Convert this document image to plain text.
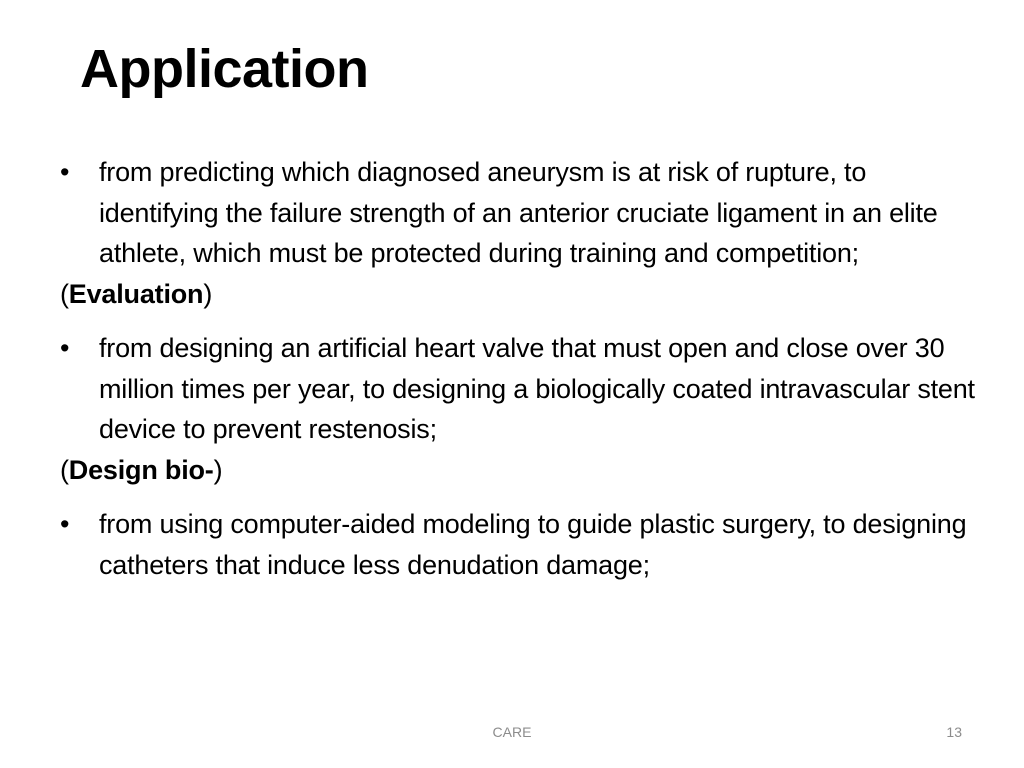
Application
• from predicting which diagnosed aneurysm is at risk of rupture, to identifying the failure strength of an anterior cruciate ligament in an elite athlete, which must be protected during training and competition;
(Evaluation)
• from designing an artificial heart valve that must open and close over 30 million times per year, to designing a biologically coated intravascular stent device to prevent restenosis;
(Design bio-)
• from using computer-aided modeling to guide plastic surgery, to designing catheters that induce less denudation damage;
CARE	13
